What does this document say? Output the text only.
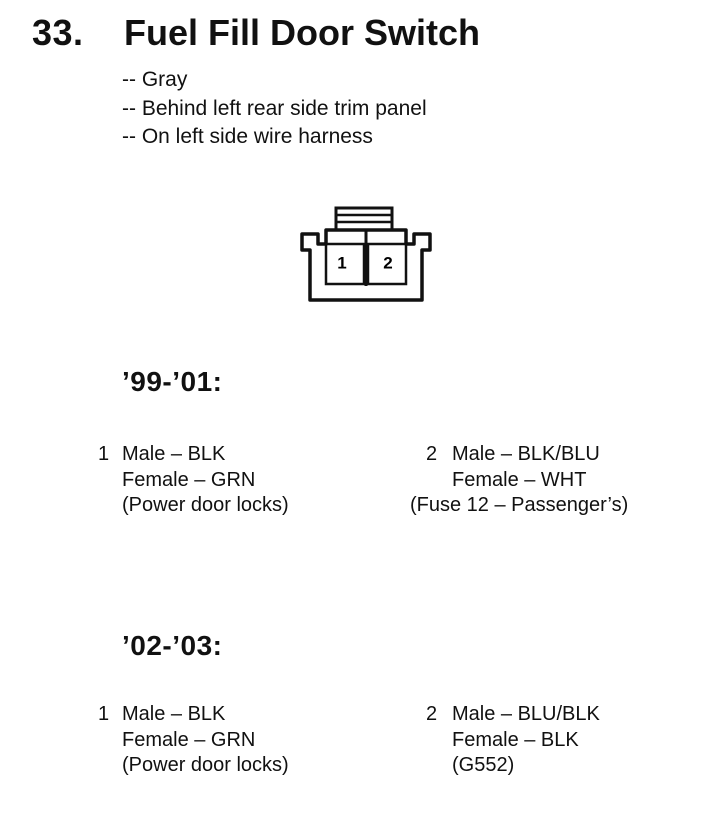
33. Fuel Fill Door Switch
-- Gray
-- Behind left rear side trim panel
-- On left side wire harness
1 2
’99-’01:
1 Male – BLK
Female – GRN
(Power door locks)
2 Male – BLK/BLU
Female – WHT
(Fuse 12 – Passenger’s)
’02-’03:
1 Male – BLK
Female – GRN
(Power door locks)
2 Male – BLU/BLK
Female – BLK
(G552)
